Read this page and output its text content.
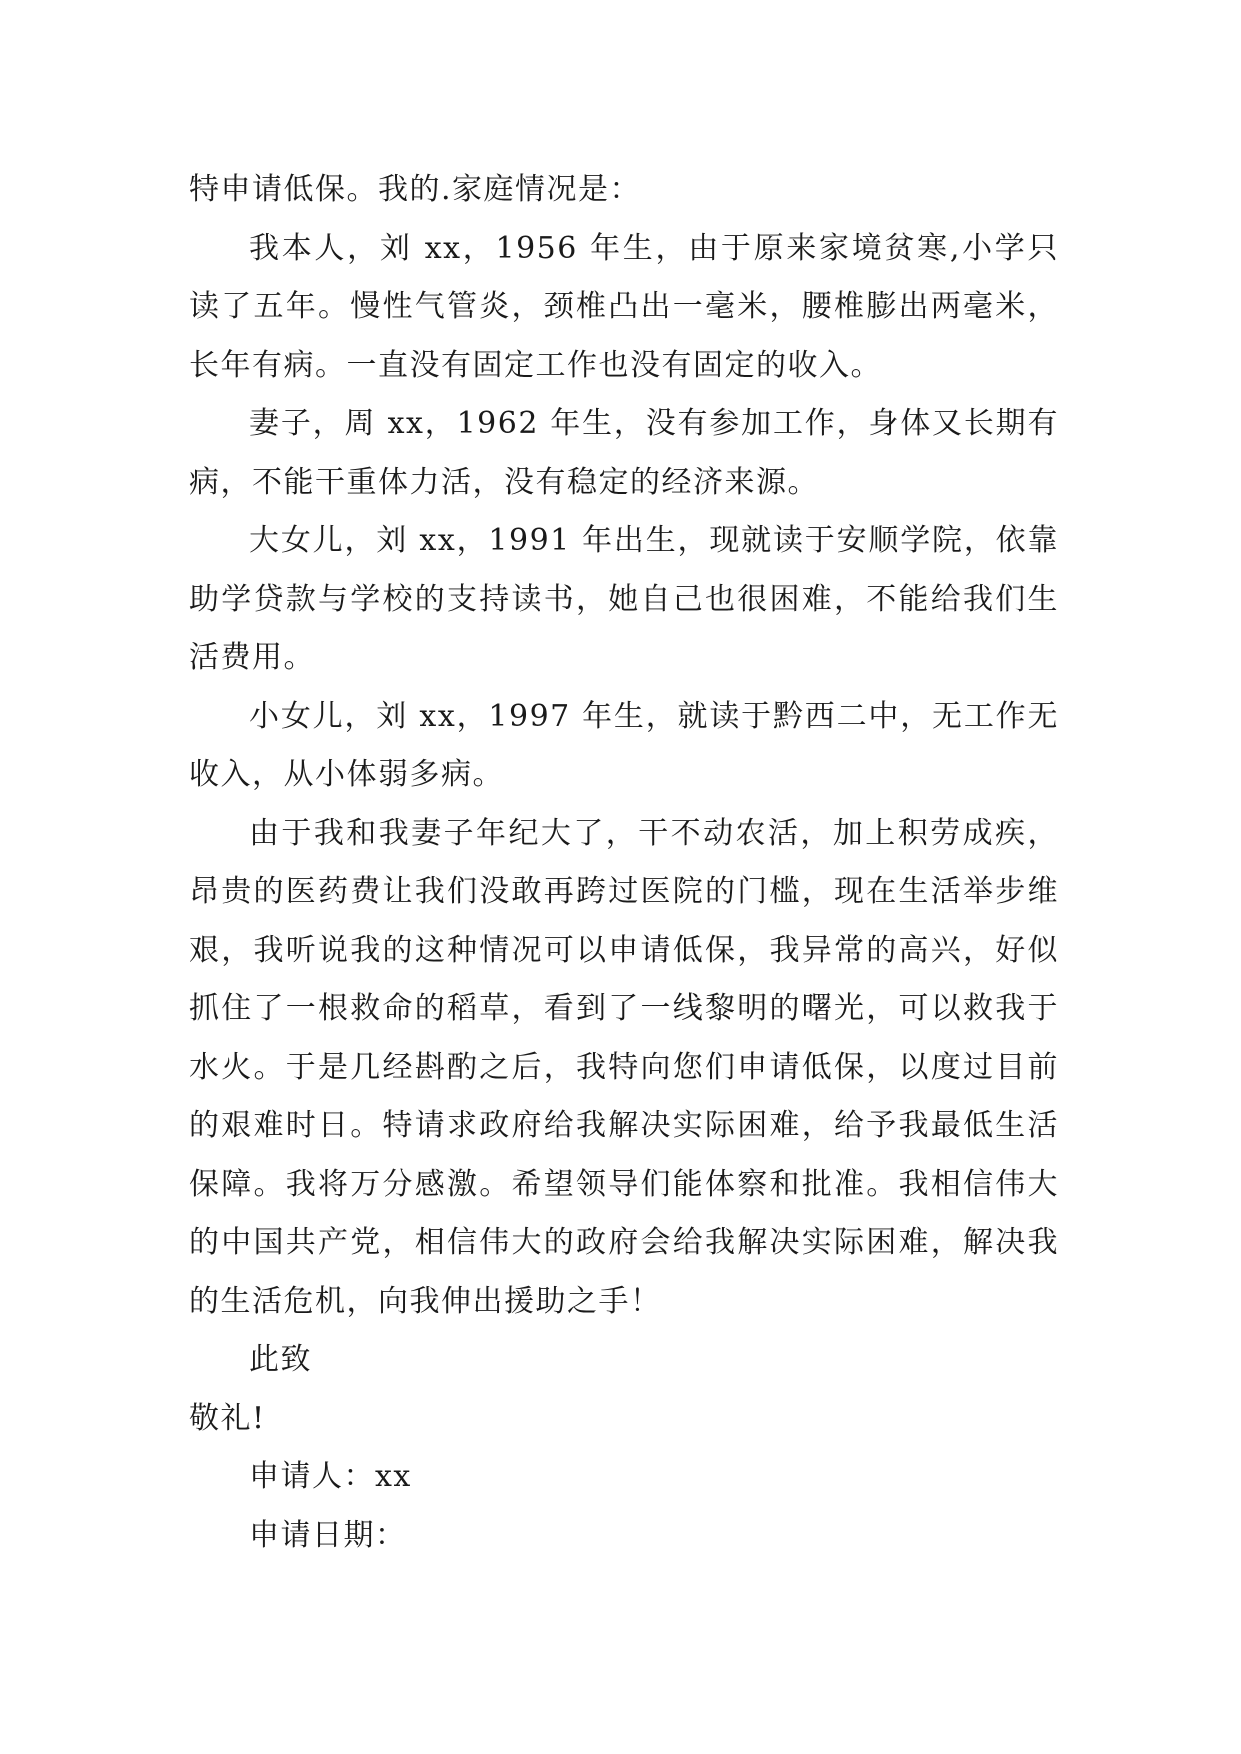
特申请低保。我的.家庭情况是：

我本人，刘 xx，1956 年生，由于原来家境贫寒,小学只读了五年。慢性气管炎，颈椎凸出一毫米，腰椎膨出两毫米，长年有病。一直没有固定工作也没有固定的收入。

妻子，周 xx，1962 年生，没有参加工作，身体又长期有病，不能干重体力活，没有稳定的经济来源。

大女儿，刘 xx，1991 年出生，现就读于安顺学院，依靠助学贷款与学校的支持读书，她自己也很困难，不能给我们生活费用。

小女儿，刘 xx，1997 年生，就读于黔西二中，无工作无收入，从小体弱多病。

由于我和我妻子年纪大了，干不动农活，加上积劳成疾，昂贵的医药费让我们没敢再跨过医院的门槛，现在生活举步维艰，我听说我的这种情况可以申请低保，我异常的高兴，好似抓住了一根救命的稻草，看到了一线黎明的曙光，可以救我于水火。于是几经斟酌之后，我特向您们申请低保，以度过目前的艰难时日。特请求政府给我解决实际困难，给予我最低生活保障。我将万分感激。希望领导们能体察和批准。我相信伟大的中国共产党，相信伟大的政府会给我解决实际困难，解决我的生活危机，向我伸出援助之手！

此致

敬礼!

申请人：xx

申请日期：
